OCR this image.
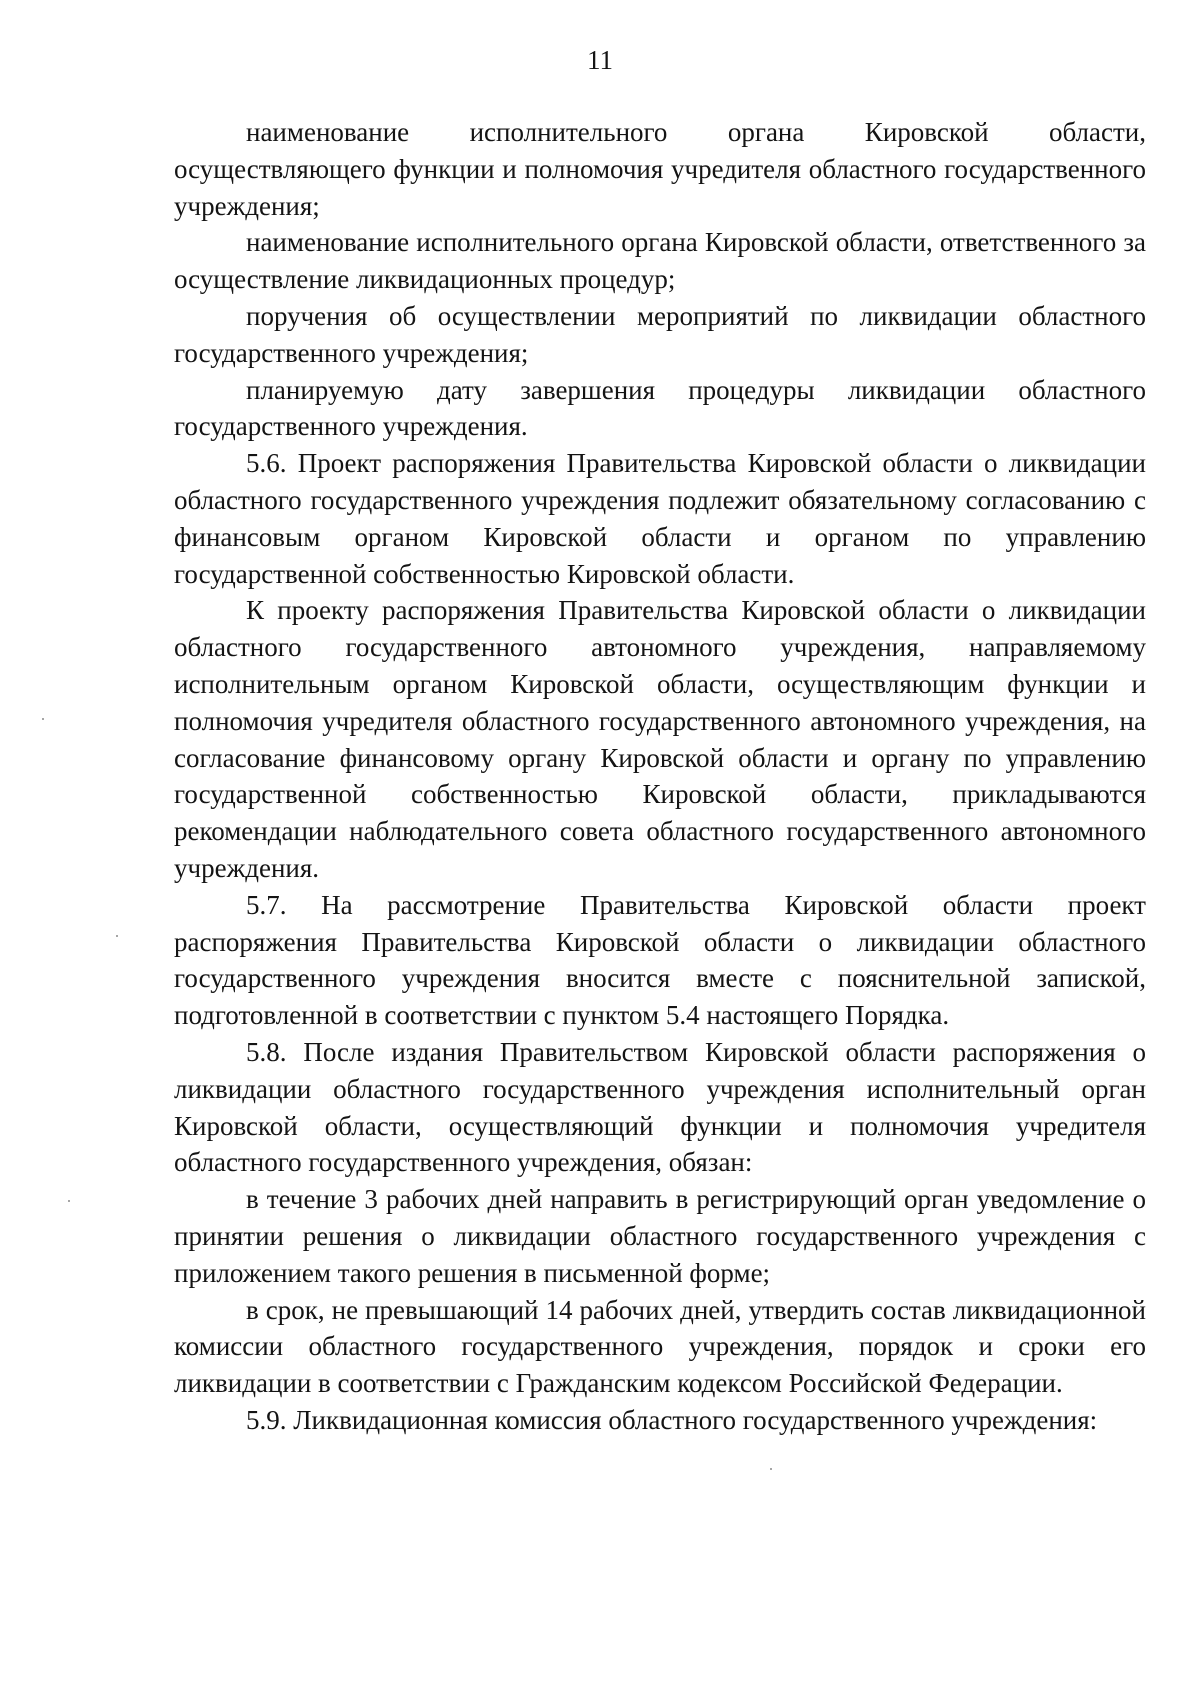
11

наименование исполнительного органа Кировской области, осуществляющего функции и полномочия учредителя областного государственного учреждения;

наименование исполнительного органа Кировской области, ответственного за осуществление ликвидационных процедур;

поручения об осуществлении мероприятий по ликвидации областного государственного учреждения;

планируемую дату завершения процедуры ликвидации областного государственного учреждения.

5.6. Проект распоряжения Правительства Кировской области о ликвидации областного государственного учреждения подлежит обязательному согласованию с финансовым органом Кировской области и органом по управлению государственной собственностью Кировской области.

К проекту распоряжения Правительства Кировской области о ликвидации областного государственного автономного учреждения, направляемому исполнительным органом Кировской области, осуществляющим функции и полномочия учредителя областного государственного автономного учреждения, на согласование финансовому органу Кировской области и органу по управлению государственной собственностью Кировской области, прикладываются рекомендации наблюдательного совета областного государственного автономного учреждения.

5.7. На рассмотрение Правительства Кировской области проект распоряжения Правительства Кировской области о ликвидации областного государственного учреждения вносится вместе с пояснительной запиской, подготовленной в соответствии с пунктом 5.4 настоящего Порядка.

5.8. После издания Правительством Кировской области распоряжения о ликвидации областного государственного учреждения исполнительный орган Кировской области, осуществляющий функции и полномочия учредителя областного государственного учреждения, обязан:

в течение 3 рабочих дней направить в регистрирующий орган уведомление о принятии решения о ликвидации областного государственного учреждения с приложением такого решения в письменной форме;

в срок, не превышающий 14 рабочих дней, утвердить состав ликвидационной комиссии областного государственного учреждения, порядок и сроки его ликвидации в соответствии с Гражданским кодексом Российской Федерации.

5.9. Ликвидационная комиссия областного государственного учреждения:
